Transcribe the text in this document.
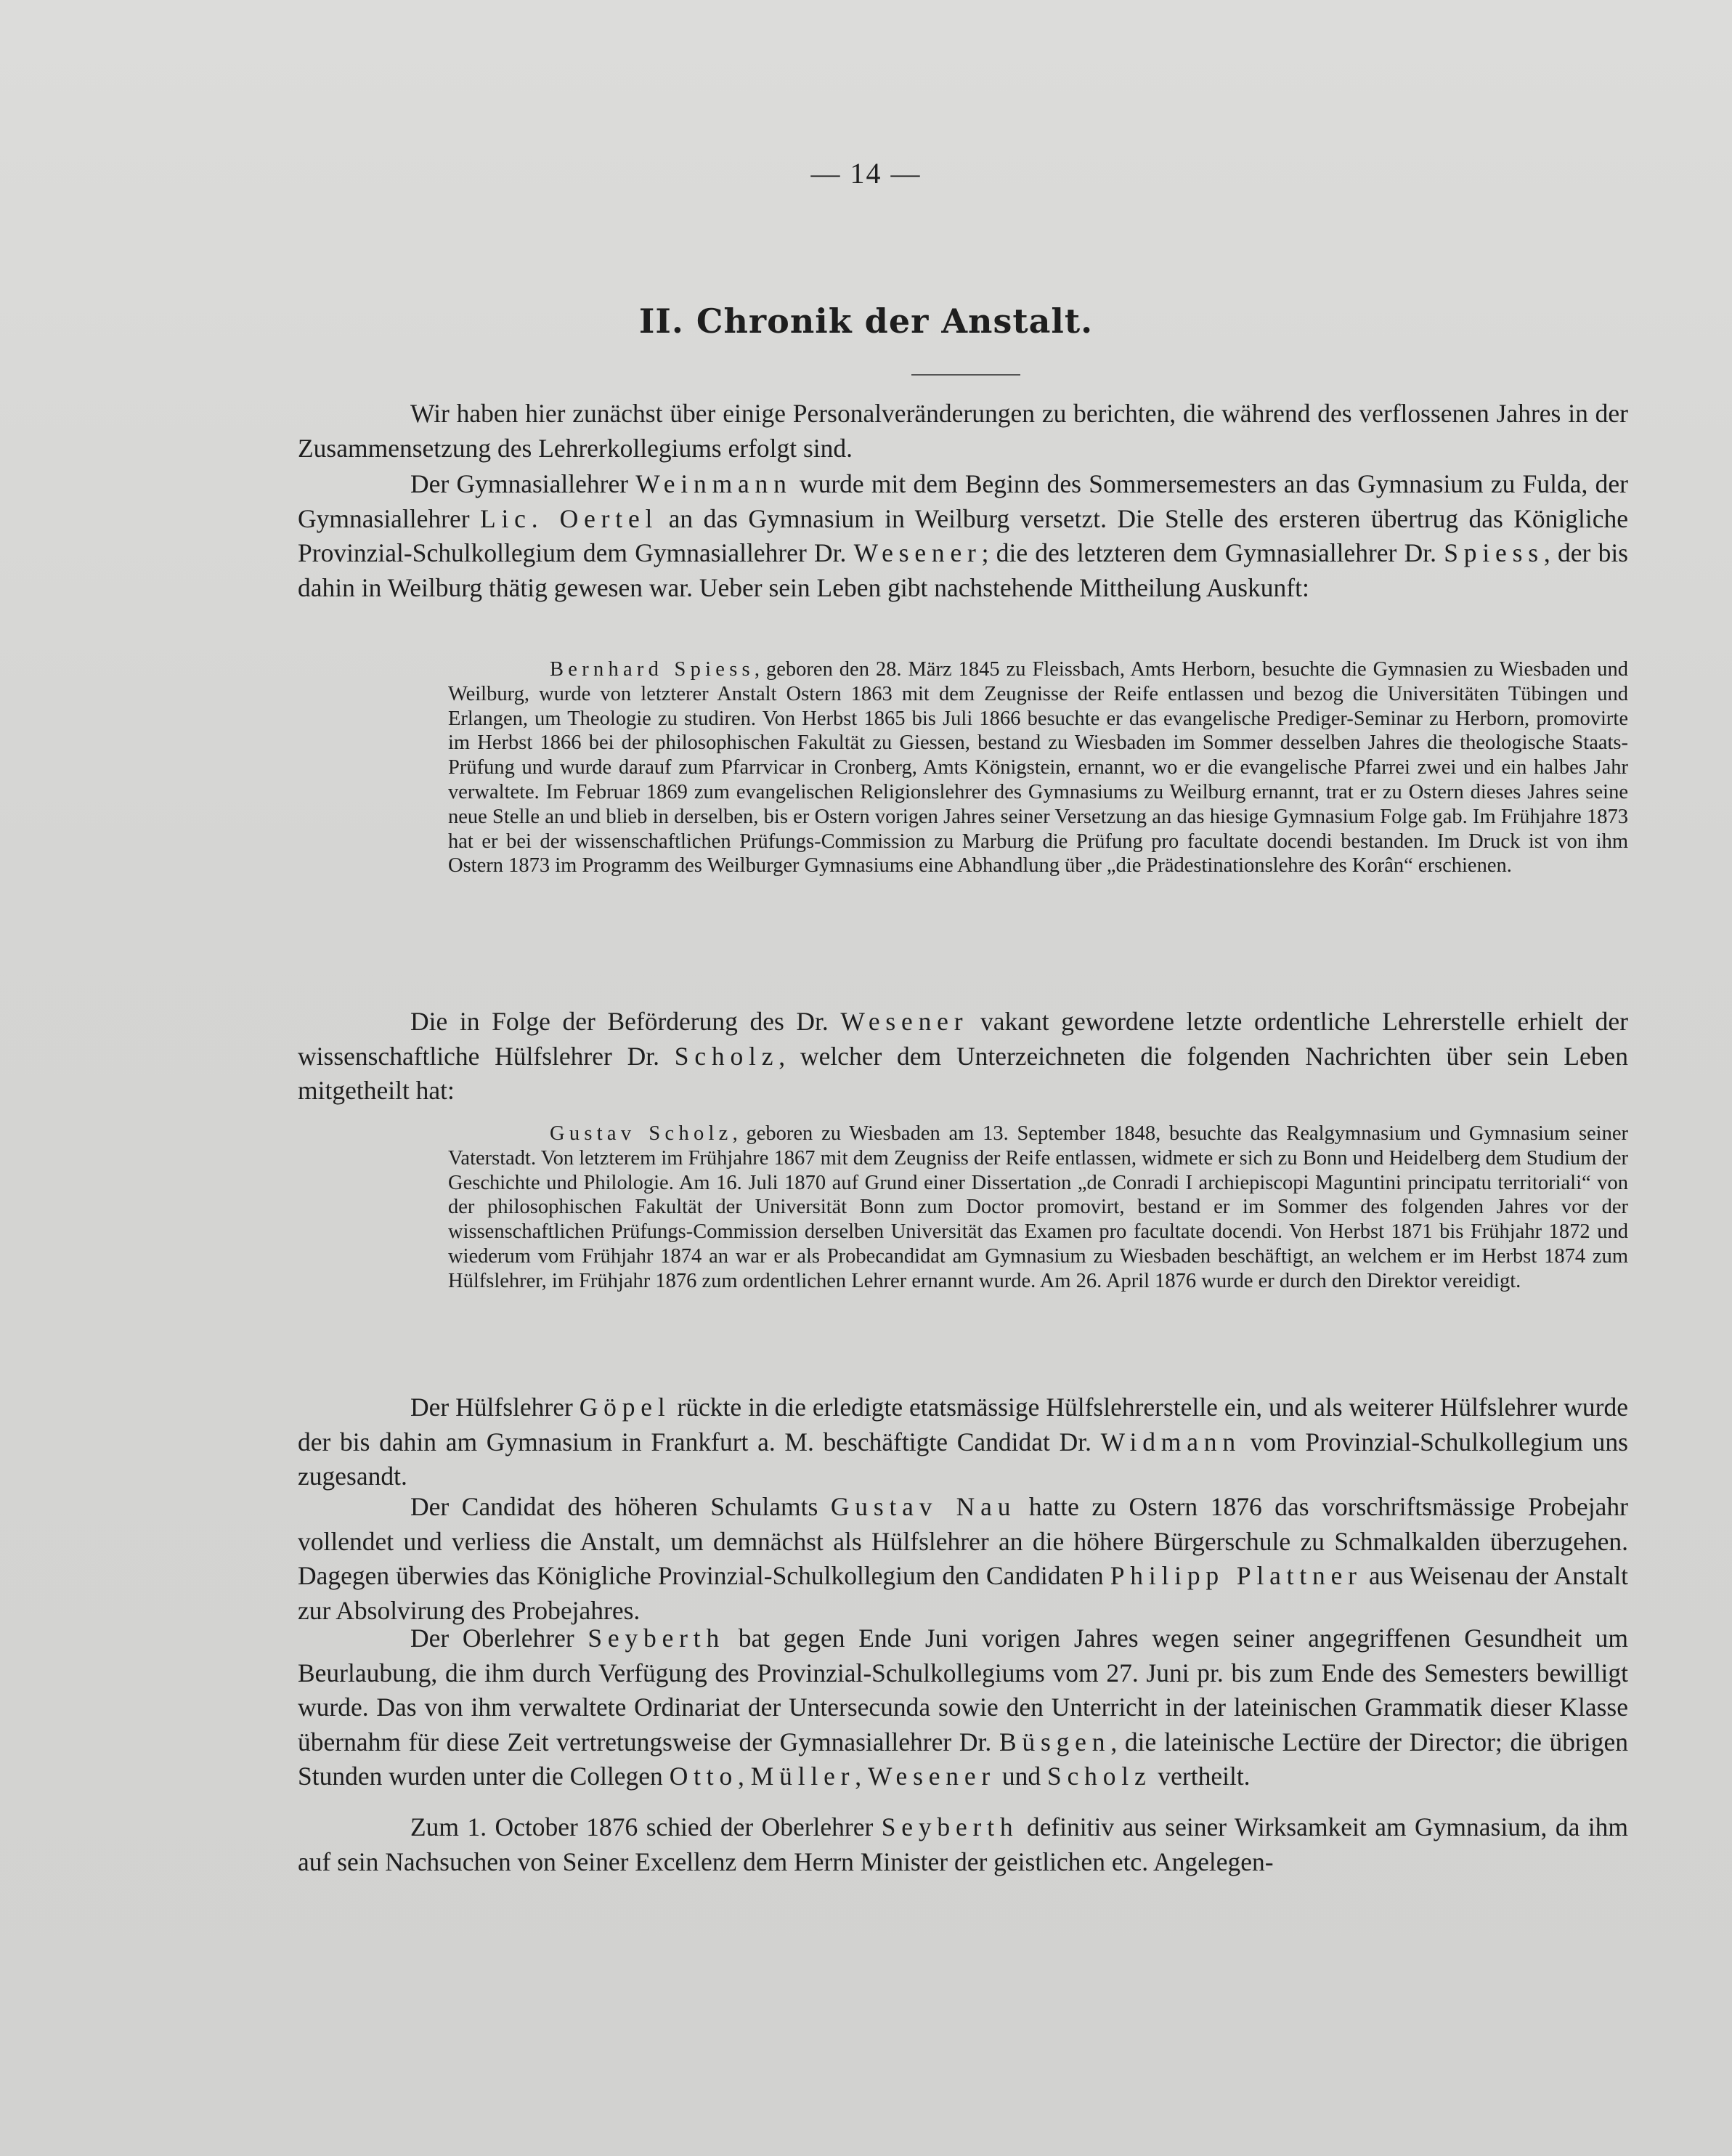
— 14 —
II. Chronik der Anstalt.

Wir haben hier zunächst über einige Personalveränderungen zu berichten, die während des verflossenen Jahres in der Zusammensetzung des Lehrerkollegiums erfolgt sind.

Der Gymnasiallehrer Weinmann wurde mit dem Beginn des Sommersemesters an das Gymnasium zu Fulda, der Gymnasiallehrer Lic. Oertel an das Gymnasium in Weilburg versetzt. Die Stelle des ersteren übertrug das Königliche Provinzial-Schulkollegium dem Gymnasiallehrer Dr. Wesener; die des letzteren dem Gymnasiallehrer Dr. Spiess, der bis dahin in Weilburg thätig gewesen war. Ueber sein Leben gibt nachstehende Mittheilung Auskunft:

Bernhard Spiess, geboren den 28. März 1845 zu Fleissbach, Amts Herborn, besuchte die Gymnasien zu Wiesbaden und Weilburg, wurde von letzterer Anstalt Ostern 1863 mit dem Zeugnisse der Reife entlassen und bezog die Universitäten Tübingen und Erlangen, um Theologie zu studiren. Von Herbst 1865 bis Juli 1866 besuchte er das evangelische Prediger-Seminar zu Herborn, promovirte im Herbst 1866 bei der philosophischen Fakultät zu Giessen, bestand zu Wiesbaden im Sommer desselben Jahres die theologische Staats-Prüfung und wurde darauf zum Pfarrvicar in Cronberg, Amts Königstein, ernannt, wo er die evangelische Pfarrei zwei und ein halbes Jahr verwaltete. Im Februar 1869 zum evangelischen Religionslehrer des Gymnasiums zu Weilburg ernannt, trat er zu Ostern dieses Jahres seine neue Stelle an und blieb in derselben, bis er Ostern vorigen Jahres seiner Versetzung an das hiesige Gymnasium Folge gab. Im Frühjahre 1873 hat er bei der wissenschaftlichen Prüfungs-Commission zu Marburg die Prüfung pro facultate docendi bestanden. Im Druck ist von ihm Ostern 1873 im Programm des Weilburger Gymnasiums eine Abhandlung über „die Prädestinationslehre des Korân“ erschienen.

Die in Folge der Beförderung des Dr. Wesener vakant gewordene letzte ordentliche Lehrerstelle erhielt der wissenschaftliche Hülfslehrer Dr. Scholz, welcher dem Unterzeichneten die folgenden Nachrichten über sein Leben mitgetheilt hat:

Gustav Scholz, geboren zu Wiesbaden am 13. September 1848, besuchte das Realgymnasium und Gymnasium seiner Vaterstadt. Von letzterem im Frühjahre 1867 mit dem Zeugniss der Reife entlassen, widmete er sich zu Bonn und Heidelberg dem Studium der Geschichte und Philologie. Am 16. Juli 1870 auf Grund einer Dissertation „de Conradi I archiepiscopi Maguntini principatu territoriali“ von der philosophischen Fakultät der Universität Bonn zum Doctor promovirt, bestand er im Sommer des folgenden Jahres vor der wissenschaftlichen Prüfungs-Commission derselben Universität das Examen pro facultate docendi. Von Herbst 1871 bis Frühjahr 1872 und wiederum vom Frühjahr 1874 an war er als Probecandidat am Gymnasium zu Wiesbaden beschäftigt, an welchem er im Herbst 1874 zum Hülfslehrer, im Frühjahr 1876 zum ordentlichen Lehrer ernannt wurde. Am 26. April 1876 wurde er durch den Direktor vereidigt.

Der Hülfslehrer Göpel rückte in die erledigte etatsmässige Hülfslehrerstelle ein, und als weiterer Hülfslehrer wurde der bis dahin am Gymnasium in Frankfurt a. M. beschäftigte Candidat Dr. Widmann vom Provinzial-Schulkollegium uns zugesandt.

Der Candidat des höheren Schulamts Gustav Nau hatte zu Ostern 1876 das vorschriftsmässige Probejahr vollendet und verliess die Anstalt, um demnächst als Hülfslehrer an die höhere Bürgerschule zu Schmalkalden überzugehen. Dagegen überwies das Königliche Provinzial-Schulkollegium den Candidaten Philipp Plattner aus Weisenau der Anstalt zur Absolvirung des Probejahres.

Der Oberlehrer Seyberth bat gegen Ende Juni vorigen Jahres wegen seiner angegriffenen Gesundheit um Beurlaubung, die ihm durch Verfügung des Provinzial-Schulkollegiums vom 27. Juni pr. bis zum Ende des Semesters bewilligt wurde. Das von ihm verwaltete Ordinariat der Untersecunda sowie den Unterricht in der lateinischen Grammatik dieser Klasse übernahm für diese Zeit vertretungsweise der Gymnasiallehrer Dr. Büsgen, die lateinische Lectüre der Director; die übrigen Stunden wurden unter die Collegen Otto, Müller, Wesener und Scholz vertheilt.

Zum 1. October 1876 schied der Oberlehrer Seyberth definitiv aus seiner Wirksamkeit am Gymnasium, da ihm auf sein Nachsuchen von Seiner Excellenz dem Herrn Minister der geistlichen etc. Angelegen-
